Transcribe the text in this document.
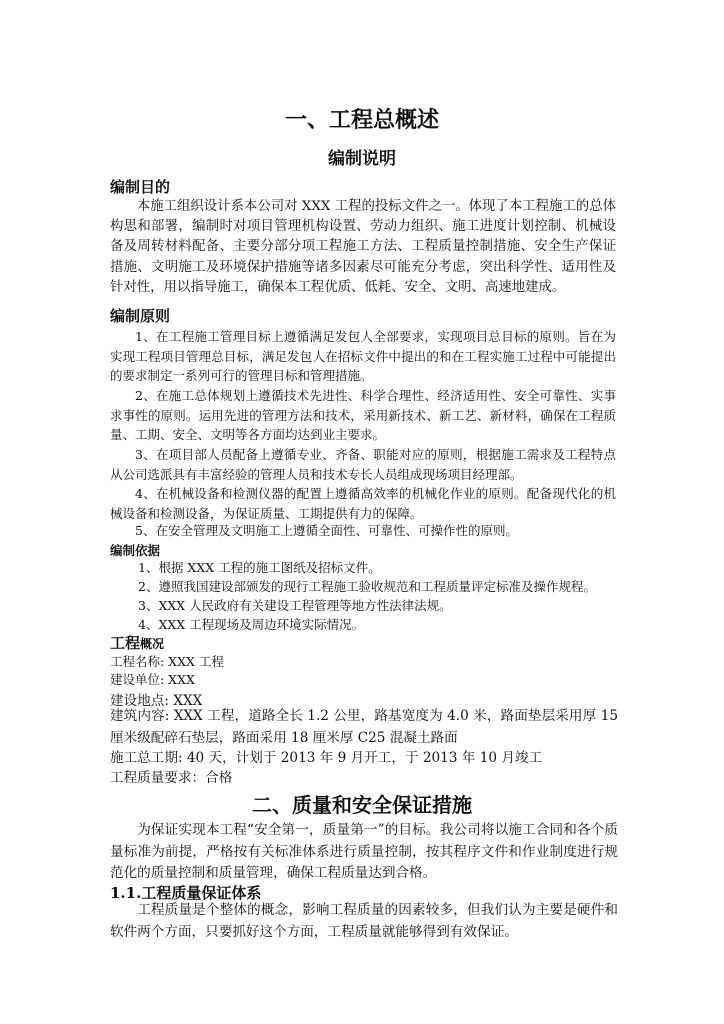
一、工程总概述
编制说明
编制目的

本施工组织设计系本公司对 XXX 工程的投标文件之一。体现了本工程施工的总体构思和部署，编制时对项目管理机构设置、劳动力组织、施工进度计划控制、机械设备及周转材料配备、主要分部分项工程施工方法、工程质量控制措施、安全生产保证措施、文明施工及环境保护措施等诸多因素尽可能充分考虑，突出科学性、适用性及针对性，用以指导施工，确保本工程优质、低耗、安全、文明、高速地建成。

编制原则

1、在工程施工管理目标上遵循满足发包人全部要求，实现项目总目标的原则。旨在为实现工程项目管理总目标，满足发包人在招标文件中提出的和在工程实施工过程中可能提出的要求制定一系列可行的管理目标和管理措施。

2、在施工总体规划上遵循技术先进性、科学合理性、经济适用性、安全可靠性、实事求事性的原则。运用先进的管理方法和技术，采用新技术、新工艺、新材料，确保在工程质量、工期、安全、文明等各方面均达到业主要求。

3、在项目部人员配备上遵循专业、齐备、职能对应的原则，根据施工需求及工程特点从公司选派具有丰富经验的管理人员和技术专长人员组成现场项目经理部。

4、在机械设备和检测仪器的配置上遵循高效率的机械化作业的原则。配备现代化的机械设备和检测设备，为保证质量、工期提供有力的保障。

5、在安全管理及文明施工上遵循全面性、可靠性、可操作性的原则。

编制依据
1、根据 XXX 工程的施工图纸及招标文件。
2、遵照我国建设部颁发的现行工程施工验收规范和工程质量评定标准及操作规程。
3、XXX 人民政府有关建设工程管理等地方性法律法规。
4、XXX 工程现场及周边环境实际情况。
工程概况
工程名称: XXX 工程
建设单位: XXX
建设地点: XXX

建筑内容: XXX 工程，道路全长 1.2 公里，路基宽度为 4.0 米，路面垫层采用厚 15 厘米级配碎石垫层，路面采用 18 厘米厚 C25 混凝土路面

施工总工期: 40 天，计划于 2013 年 9 月开工，于 2013 年 10 月竣工
工程质量要求：合格
二、质量和安全保证措施

为保证实现本工程“安全第一，质量第一”的目标。我公司将以施工合同和各个质量标准为前提，严格按有关标准体系进行质量控制，按其程序文件和作业制度进行规范化的质量控制和质量管理，确保工程质量达到合格。

1.1.工程质量保证体系

工程质量是个整体的概念，影响工程质量的因素较多，但我们认为主要是硬件和软件两个方面，只要抓好这个方面，工程质量就能够得到有效保证。
